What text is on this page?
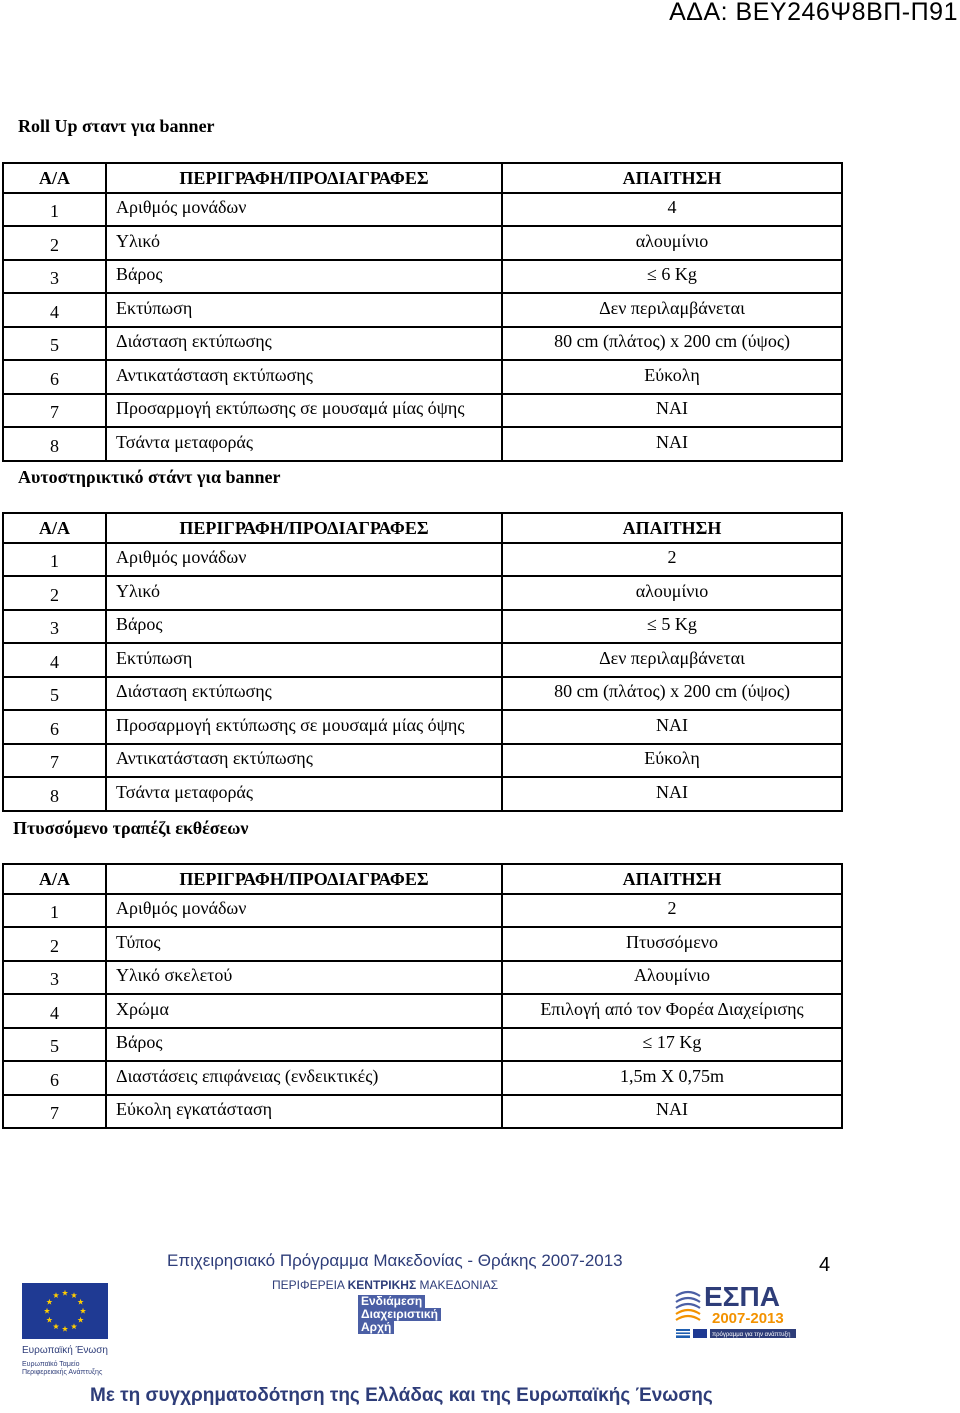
ΑΔΑ: ΒΕΥ246Ψ8ΒΠ-Π91
Roll Up σταντ για banner
Α/Α	ΠΕΡΙΓΡΑΦΗ/ΠΡΟΔΙΑΓΡΑΦΕΣ	ΑΠΑΙΤΗΣΗ
1	Αριθμός μονάδων	4
2	Υλικό	αλουμίνιο
3	Βάρος	≤ 6 Kg
4	Εκτύπωση	Δεν περιλαμβάνεται
5	Διάσταση εκτύπωσης	80 cm (πλάτος) x 200 cm (ύψος)
6	Αντικατάσταση εκτύπωσης	Εύκολη
7	Προσαρμογή εκτύπωσης σε μουσαμά μίας όψης	ΝΑΙ
8	Τσάντα μεταφοράς	ΝΑΙ
Αυτοστηρικτικό στάντ για banner
Α/Α	ΠΕΡΙΓΡΑΦΗ/ΠΡΟΔΙΑΓΡΑΦΕΣ	ΑΠΑΙΤΗΣΗ
1	Αριθμός μονάδων	2
2	Υλικό	αλουμίνιο
3	Βάρος	≤ 5 Kg
4	Εκτύπωση	Δεν περιλαμβάνεται
5	Διάσταση εκτύπωσης	80 cm (πλάτος) x 200 cm (ύψος)
6	Προσαρμογή εκτύπωσης σε μουσαμά μίας όψης	ΝΑΙ
7	Αντικατάσταση εκτύπωσης	Εύκολη
8	Τσάντα μεταφοράς	ΝΑΙ
Πτυσσόμενο τραπέζι εκθέσεων
Α/Α	ΠΕΡΙΓΡΑΦΗ/ΠΡΟΔΙΑΓΡΑΦΕΣ	ΑΠΑΙΤΗΣΗ
1	Αριθμός μονάδων	2
2	Τύπος	Πτυσσόμενο
3	Υλικό σκελετού	Αλουμίνιο
4	Χρώμα	Επιλογή από τον Φορέα Διαχείρισης
5	Βάρος	≤ 17 Kg
6	Διαστάσεις επιφάνειας (ενδεικτικές)	1,5m X 0,75m
7	Εύκολη εγκατάσταση	ΝΑΙ
4
Επιχειρησιακό Πρόγραμμα Μακεδονίας - Θράκης 2007-2013
ΠΕΡΙΦΕΡΕΙΑ ΚΕΝΤΡΙΚΗΣ ΜΑΚΕΔΟΝΙΑΣ
Ενδιάμεση
Διαχειριστική
Αρχή
Ευρωπαϊκή Ένωση
Ευρωπαϊκό Ταμείο Περιφερειακής Ανάπτυξης
ΕΣΠΑ
2007-2013
πρόγραμμα για την ανάπτυξη
Με τη συγχρηματοδότηση της Ελλάδας και της Ευρωπαϊκής Ένωσης
